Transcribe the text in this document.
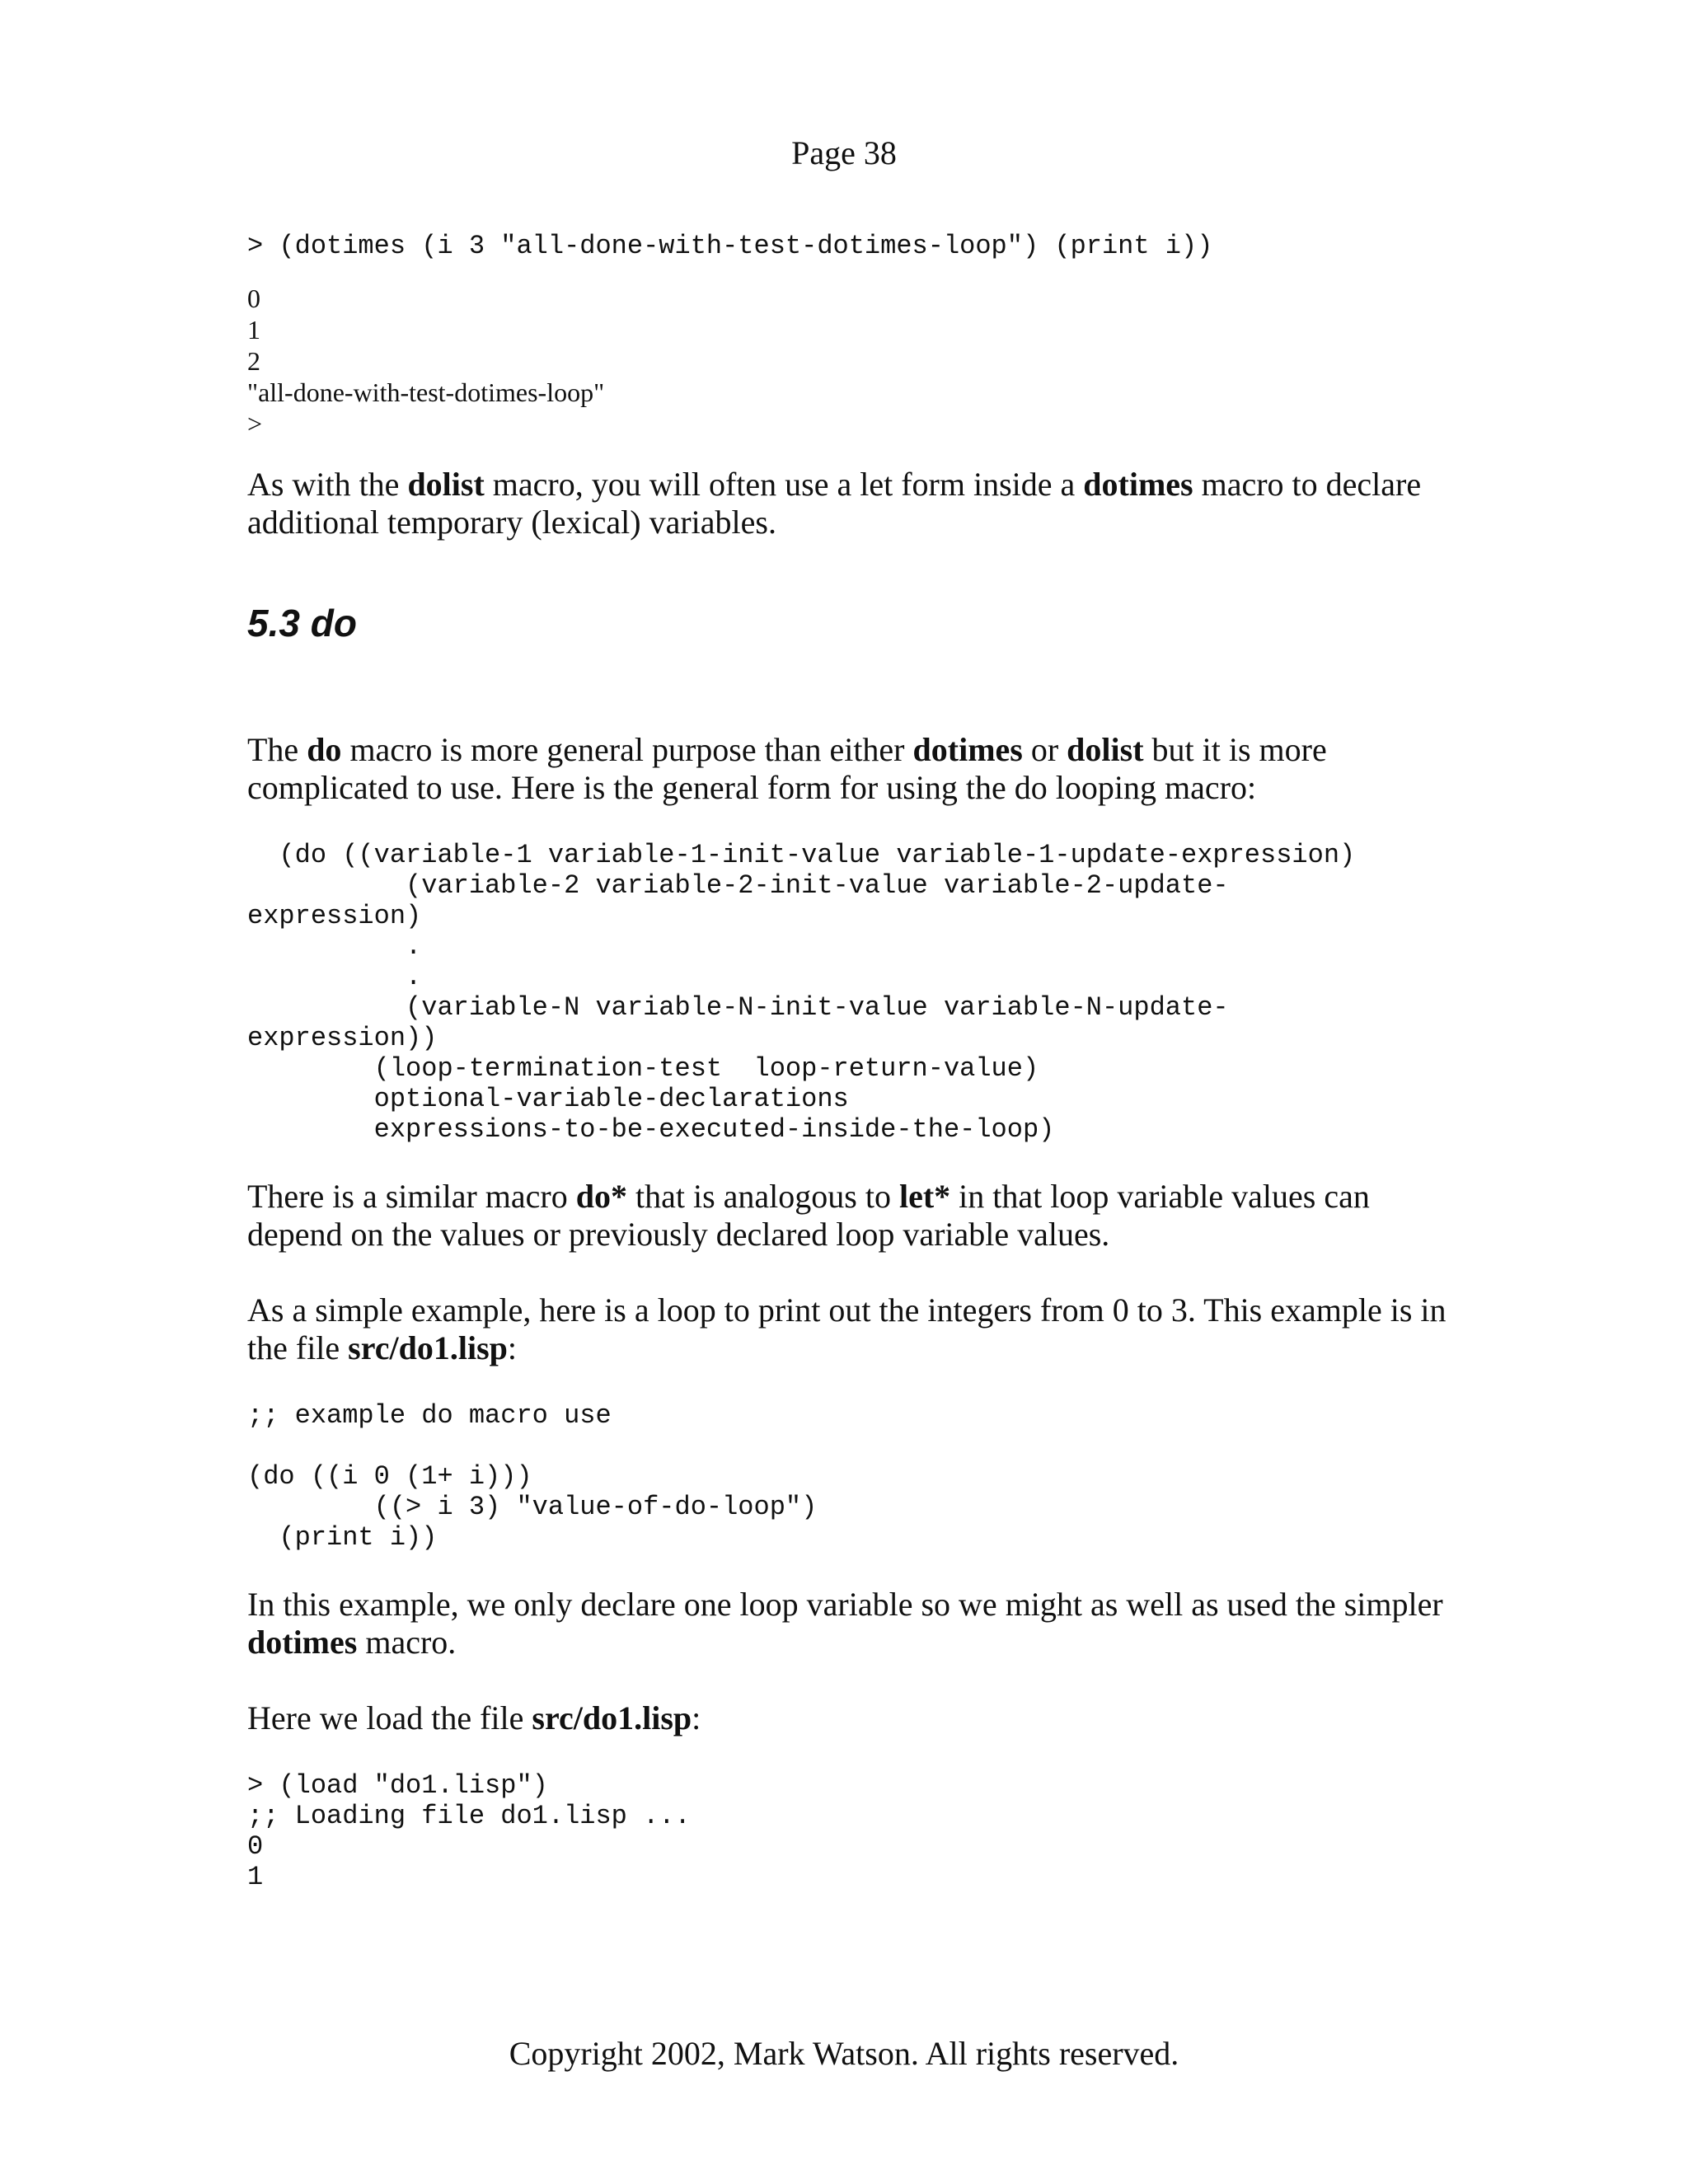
Page 38
> (dotimes (i 3 "all-done-with-test-dotimes-loop") (print i))
0
1
2
"all-done-with-test-dotimes-loop"
>

As with the dolist macro, you will often use a let form inside a dotimes macro to declare additional temporary (lexical) variables.

5.3 do

The do macro is more general purpose than either dotimes or dolist but it is more complicated to use. Here is the general form for using the do looping macro:

(do ((variable-1 variable-1-init-value variable-1-update-expression)
(variable-2 variable-2-init-value variable-2-update-
expression)
.
.
(variable-N variable-N-init-value variable-N-update-
expression))
(loop-termination-test  loop-return-value)
optional-variable-declarations
expressions-to-be-executed-inside-the-loop)

There is a similar macro do* that is analogous to let* in that loop variable values can depend on the values or previously declared loop variable values.

As a simple example, here is a loop to print out the integers from 0 to 3. This example is in the file src/do1.lisp:

;; example do macro use

(do ((i 0 (1+ i)))
((> i 3) "value-of-do-loop")
(print i))

In this example, we only declare one loop variable so we might as well as used the simpler dotimes macro.

Here we load the file src/do1.lisp:

> (load "do1.lisp")
;; Loading file do1.lisp ...
0
1
Copyright 2002, Mark Watson. All rights reserved.
